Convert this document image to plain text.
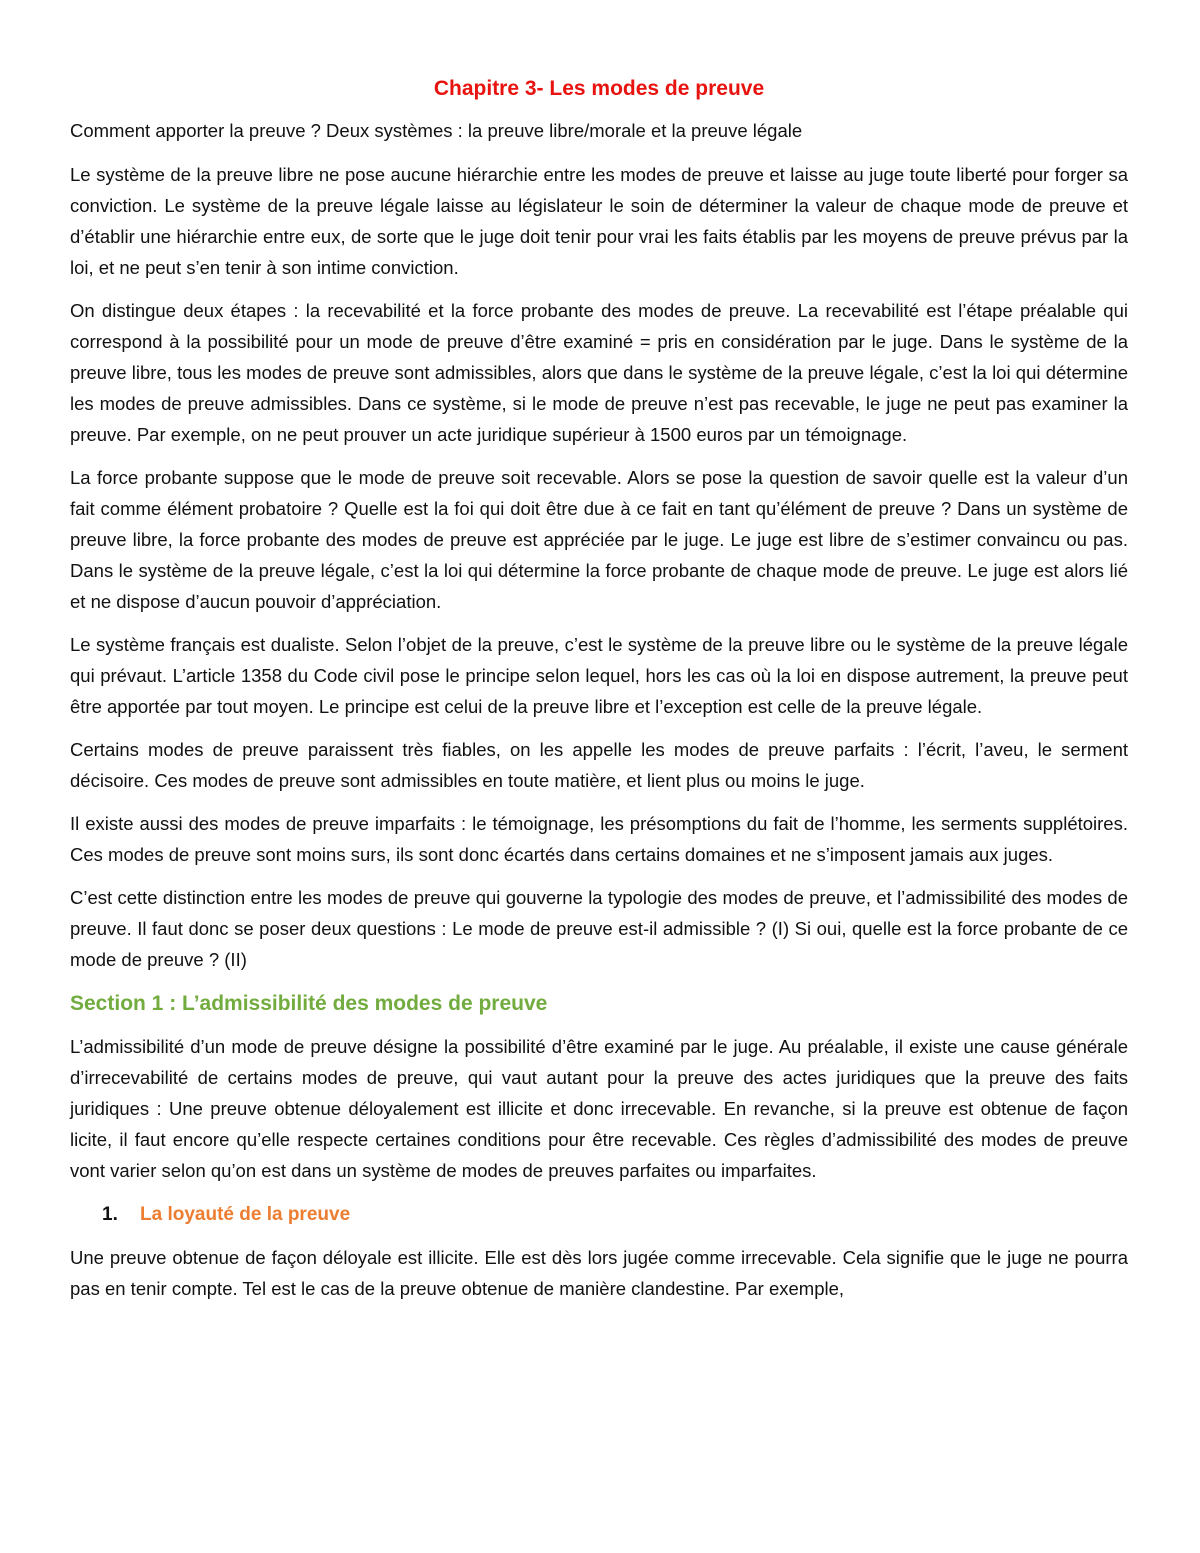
Chapitre 3- Les modes de preuve
Comment apporter la preuve ? Deux systèmes : la preuve libre/morale et la preuve légale

Le système de la preuve libre ne pose aucune hiérarchie entre les modes de preuve et laisse au juge toute liberté pour forger sa conviction. Le système de la preuve légale laisse au législateur le soin de déterminer la valeur de chaque mode de preuve et d’établir une hiérarchie entre eux, de sorte que le juge doit tenir pour vrai les faits établis par les moyens de preuve prévus par la loi, et ne peut s’en tenir à son intime conviction.

On distingue deux étapes : la recevabilité et la force probante des modes de preuve. La recevabilité est l’étape préalable qui correspond à la possibilité pour un mode de preuve d’être examiné = pris en considération par le juge. Dans le système de la preuve libre, tous les modes de preuve sont admissibles, alors que dans le système de la preuve légale, c’est la loi qui détermine les modes de preuve admissibles. Dans ce système, si le mode de preuve n’est pas recevable, le juge ne peut pas examiner la preuve. Par exemple, on ne peut prouver un acte juridique supérieur à 1500 euros par un témoignage.

La force probante suppose que le mode de preuve soit recevable. Alors se pose la question de savoir quelle est la valeur d’un fait comme élément probatoire ? Quelle est la foi qui doit être due à ce fait en tant qu’élément de preuve ? Dans un système de preuve libre, la force probante des modes de preuve est appréciée par le juge. Le juge est libre de s’estimer convaincu ou pas. Dans le système de la preuve légale, c’est la loi qui détermine la force probante de chaque mode de preuve. Le juge est alors lié et ne dispose d’aucun pouvoir d’appréciation.

Le système français est dualiste. Selon l’objet de la preuve, c’est le système de la preuve libre ou le système de la preuve légale qui prévaut. L’article 1358 du Code civil pose le principe selon lequel, hors les cas où la loi en dispose autrement, la preuve peut être apportée par tout moyen. Le principe est celui de la preuve libre et l’exception est celle de la preuve légale.

Certains modes de preuve paraissent très fiables, on les appelle les modes de preuve parfaits : l’écrit, l’aveu, le serment décisoire. Ces modes de preuve sont admissibles en toute matière, et lient plus ou moins le juge.

Il existe aussi des modes de preuve imparfaits : le témoignage, les présomptions du fait de l’homme, les serments supplétoires. Ces modes de preuve sont moins surs, ils sont donc écartés dans certains domaines et ne s’imposent jamais aux juges.

C’est cette distinction entre les modes de preuve qui gouverne la typologie des modes de preuve, et l’admissibilité des modes de preuve. Il faut donc se poser deux questions : Le mode de preuve est-il admissible ? (I) Si oui, quelle est la force probante de ce mode de preuve ? (II)

Section 1 : L’admissibilité des modes de preuve

L’admissibilité d’un mode de preuve désigne la possibilité d’être examiné par le juge. Au préalable, il existe une cause générale d’irrecevabilité de certains modes de preuve, qui vaut autant pour la preuve des actes juridiques que la preuve des faits juridiques : Une preuve obtenue déloyalement est illicite et donc irrecevable. En revanche, si la preuve est obtenue de façon licite, il faut encore qu’elle respecte certaines conditions pour être recevable. Ces règles d’admissibilité des modes de preuve vont varier selon qu’on est dans un système de modes de preuves parfaites ou imparfaites.

1.	La loyauté de la preuve

Une preuve obtenue de façon déloyale est illicite. Elle est dès lors jugée comme irrecevable. Cela signifie que le juge ne pourra pas en tenir compte. Tel est le cas de la preuve obtenue de manière clandestine. Par exemple,
